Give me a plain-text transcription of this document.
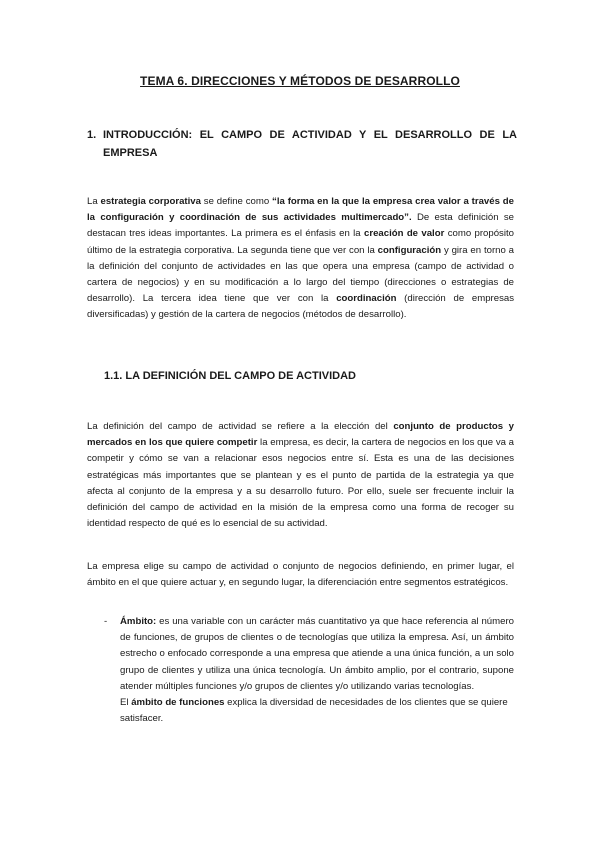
TEMA 6. DIRECCIONES Y MÉTODOS DE DESARROLLO
1. INTRODUCCIÓN: EL CAMPO DE ACTIVIDAD Y EL DESARROLLO DE LA EMPRESA
La estrategia corporativa se define como “la forma en la que la empresa crea valor a través de la configuración y coordinación de sus actividades multimercado”. De esta definición se destacan tres ideas importantes. La primera es el énfasis en la creación de valor como propósito último de la estrategia corporativa. La segunda tiene que ver con la configuración y gira en torno a la definición del conjunto de actividades en las que opera una empresa (campo de actividad o cartera de negocios) y en su modificación a lo largo del tiempo (direcciones o estrategias de desarrollo). La tercera idea tiene que ver con la coordinación (dirección de empresas diversificadas) y gestión de la cartera de negocios (métodos de desarrollo).
1.1. LA DEFINICIÓN DEL CAMPO DE ACTIVIDAD
La definición del campo de actividad se refiere a la elección del conjunto de productos y mercados en los que quiere competir la empresa, es decir, la cartera de negocios en los que va a competir y cómo se van a relacionar esos negocios entre sí. Esta es una de las decisiones estratégicas más importantes que se plantean y es el punto de partida de la estrategia ya que afecta al conjunto de la empresa y a su desarrollo futuro. Por ello, suele ser frecuente incluir la definición del campo de actividad en la misión de la empresa como una forma de recoger su identidad respecto de qué es lo esencial de su actividad.
La empresa elige su campo de actividad o conjunto de negocios definiendo, en primer lugar, el ámbito en el que quiere actuar y, en segundo lugar, la diferenciación entre segmentos estratégicos.
- Ámbito: es una variable con un carácter más cuantitativo ya que hace referencia al número de funciones, de grupos de clientes o de tecnologías que utiliza la empresa. Así, un ámbito estrecho o enfocado corresponde a una empresa que atiende a una única función, a un solo grupo de clientes y utiliza una única tecnología. Un ámbito amplio, por el contrario, supone atender múltiples funciones y/o grupos de clientes y/o utilizando varias tecnologías.
El ámbito de funciones explica la diversidad de necesidades de los clientes que se quiere satisfacer.
